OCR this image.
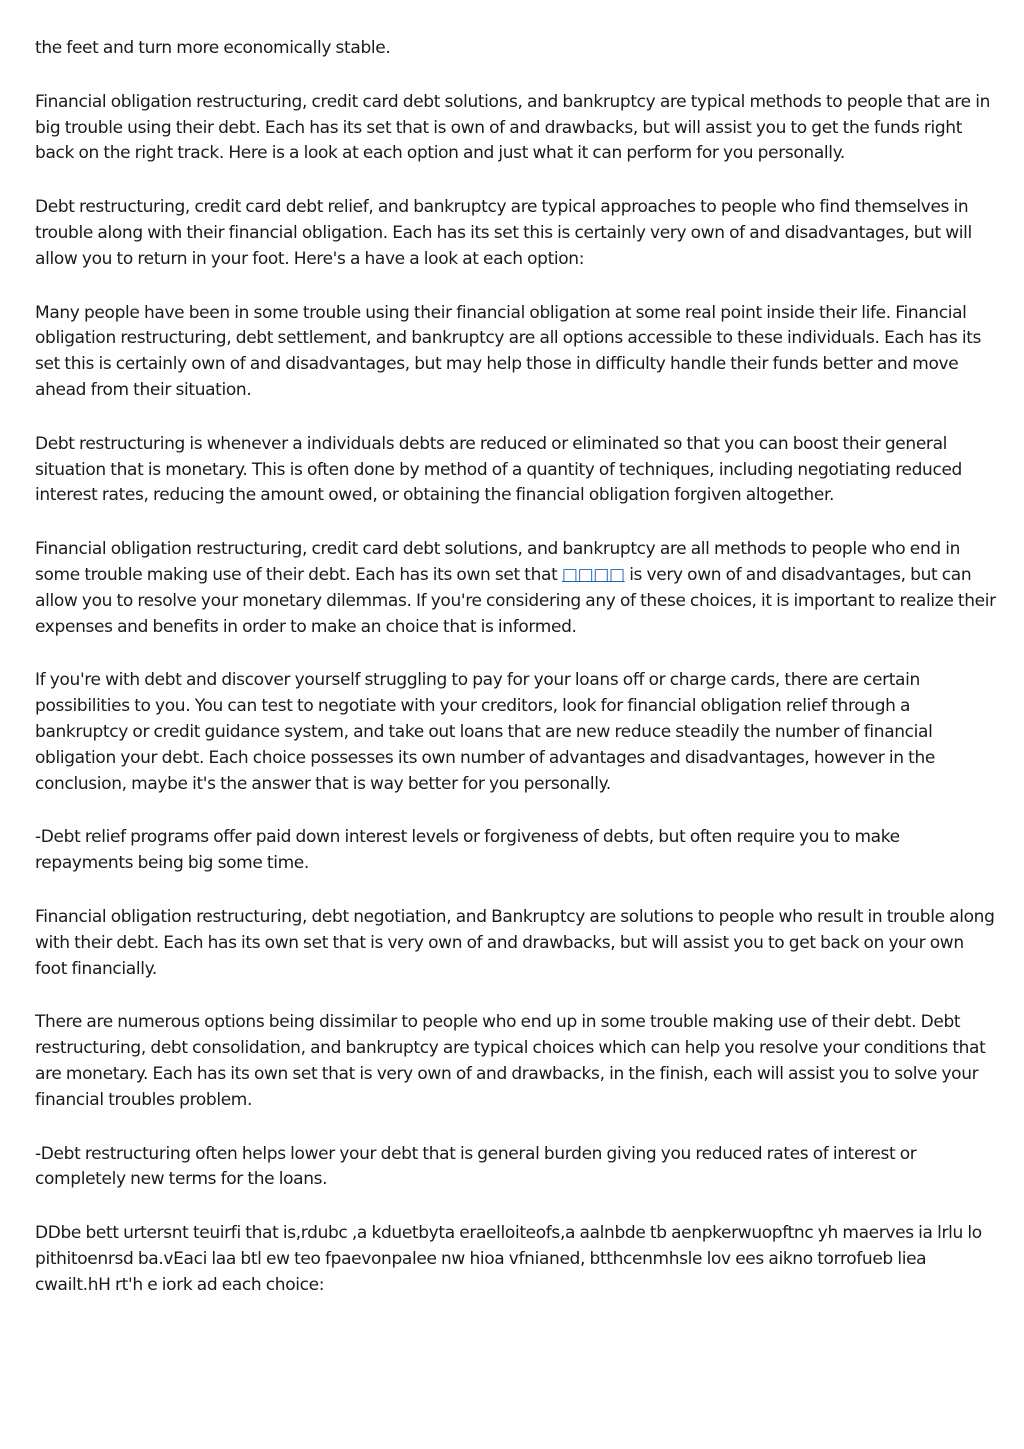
the feet and turn more economically stable.

Financial obligation restructuring, credit card debt solutions, and bankruptcy are typical methods to people that are in big trouble using their debt. Each has its set that is own of and drawbacks, but will assist you to get the funds right back on the right track. Here is a look at each option and just what it can perform for you personally.

Debt restructuring, credit card debt relief, and bankruptcy are typical approaches to people who find themselves in trouble along with their financial obligation. Each has its set this is certainly very own of and disadvantages, but will allow you to return in your foot. Here's a have a look at each option:

Many people have been in some trouble using their financial obligation at some real point inside their life. Financial obligation restructuring, debt settlement, and bankruptcy are all options accessible to these individuals. Each has its set this is certainly own of and disadvantages, but may help those in difficulty handle their funds better and move ahead from their situation.

Debt restructuring is whenever a individuals debts are reduced or eliminated so that you can boost their general situation that is monetary. This is often done by method of a quantity of techniques, including negotiating reduced interest rates, reducing the amount owed, or obtaining the financial obligation forgiven altogether.

Financial obligation restructuring, credit card debt solutions, and bankruptcy are all methods to people who end in some trouble making use of their debt. Each has its own set that □□□□ is very own of and disadvantages, but can allow you to resolve your monetary dilemmas. If you're considering any of these choices, it is important to realize their expenses and benefits in order to make an choice that is informed.

If you're with debt and discover yourself struggling to pay for your loans off or charge cards, there are certain possibilities to you. You can test to negotiate with your creditors, look for financial obligation relief through a bankruptcy or credit guidance system, and take out loans that are new reduce steadily the number of financial obligation your debt. Each choice possesses its own number of advantages and disadvantages, however in the conclusion, maybe it's the answer that is way better for you personally.

-Debt relief programs offer paid down interest levels or forgiveness of debts, but often require you to make repayments being big some time.

Financial obligation restructuring, debt negotiation, and Bankruptcy are solutions to people who result in trouble along with their debt. Each has its own set that is very own of and drawbacks, but will assist you to get back on your own foot financially.

There are numerous options being dissimilar to people who end up in some trouble making use of their debt. Debt restructuring, debt consolidation, and bankruptcy are typical choices which can help you resolve your conditions that are monetary. Each has its own set that is very own of and drawbacks, in the finish, each will assist you to solve your financial troubles problem.

-Debt restructuring often helps lower your debt that is general burden giving you reduced rates of interest or completely new terms for the loans.

DDbe bett urtersnt teuirfi that is,rdubc ,a kduetbyta eraelloiteofs,a aalnbde tb aenpkerwuopftnc yh maerves ia lrlu lo pithitoenrsd ba.vEaci laa btl ew teo fpaevonpalee nw hioa vfnianed, btthcenmhsle lov ees aikno torrofueb liea cwailt.hH rt'h e iork ad each choice:
